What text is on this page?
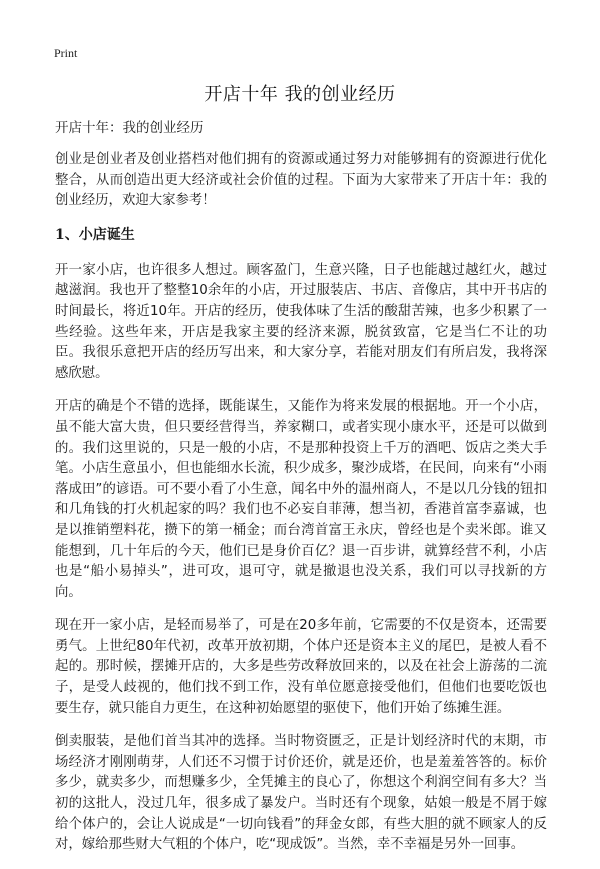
Print
开店十年 我的创业经历

开店十年：我的创业经历

创业是创业者及创业搭档对他们拥有的资源或通过努力对能够拥有的资源进行优化整合，从而创造出更大经济或社会价值的过程。下面为大家带来了开店十年：我的创业经历，欢迎大家参考！

1、小店诞生

开一家小店，也许很多人想过。顾客盈门，生意兴隆，日子也能越过越红火，越过越滋润。我也开了整整10余年的小店，开过服装店、书店、音像店，其中开书店的时间最长，将近10年。开店的经历，使我体味了生活的酸甜苦辣，也多少积累了一些经验。这些年来，开店是我家主要的经济来源，脱贫致富，它是当仁不让的功臣。我很乐意把开店的经历写出来，和大家分享，若能对朋友们有所启发，我将深感欣慰。

开店的确是个不错的选择，既能谋生，又能作为将来发展的根据地。开一个小店，虽不能大富大贵，但只要经营得当，养家糊口，或者实现小康水平，还是可以做到的。我们这里说的，只是一般的小店，不是那种投资上千万的酒吧、饭店之类大手笔。小店生意虽小，但也能细水长流，积少成多，聚沙成塔，在民间，向来有“小雨落成田”的谚语。可不要小看了小生意，闻名中外的温州商人，不是以几分钱的钮扣和几角钱的打火机起家的吗？我们也不必妄自菲薄，想当初，香港首富李嘉诚，也是以推销塑料花，攒下的第一桶金；而台湾首富王永庆，曾经也是个卖米郎。谁又能想到，几十年后的今天，他们已是身价百亿？退一百步讲，就算经营不利，小店也是“船小易掉头”，进可攻，退可守，就是撤退也没关系，我们可以寻找新的方向。

现在开一家小店，是轻而易举了，可是在20多年前，它需要的不仅是资本，还需要勇气。上世纪80年代初，改革开放初期，个体户还是资本主义的尾巴，是被人看不起的。那时候，摆摊开店的，大多是些劳改释放回来的，以及在社会上游荡的二流子，是受人歧视的，他们找不到工作，没有单位愿意接受他们，但他们也要吃饭也要生存，就只能自力更生，在这种初始愿望的驱使下，他们开始了练摊生涯。

倒卖服装，是他们首当其冲的选择。当时物资匮乏，正是计划经济时代的末期，市场经济才刚刚萌芽，人们还不习惯于讨价还价，就是还价，也是羞羞答答的。标价多少，就卖多少，而想赚多少，全凭摊主的良心了，你想这个利润空间有多大？当初的这批人，没过几年，很多成了暴发户。当时还有个现象，姑娘一般是不屑于嫁给个体户的，会让人说成是“一切向钱看”的拜金女郎，有些大胆的就不顾家人的反对，嫁给那些财大气粗的个体户，吃“现成饭”。当然，幸不幸福是另外一回事。
